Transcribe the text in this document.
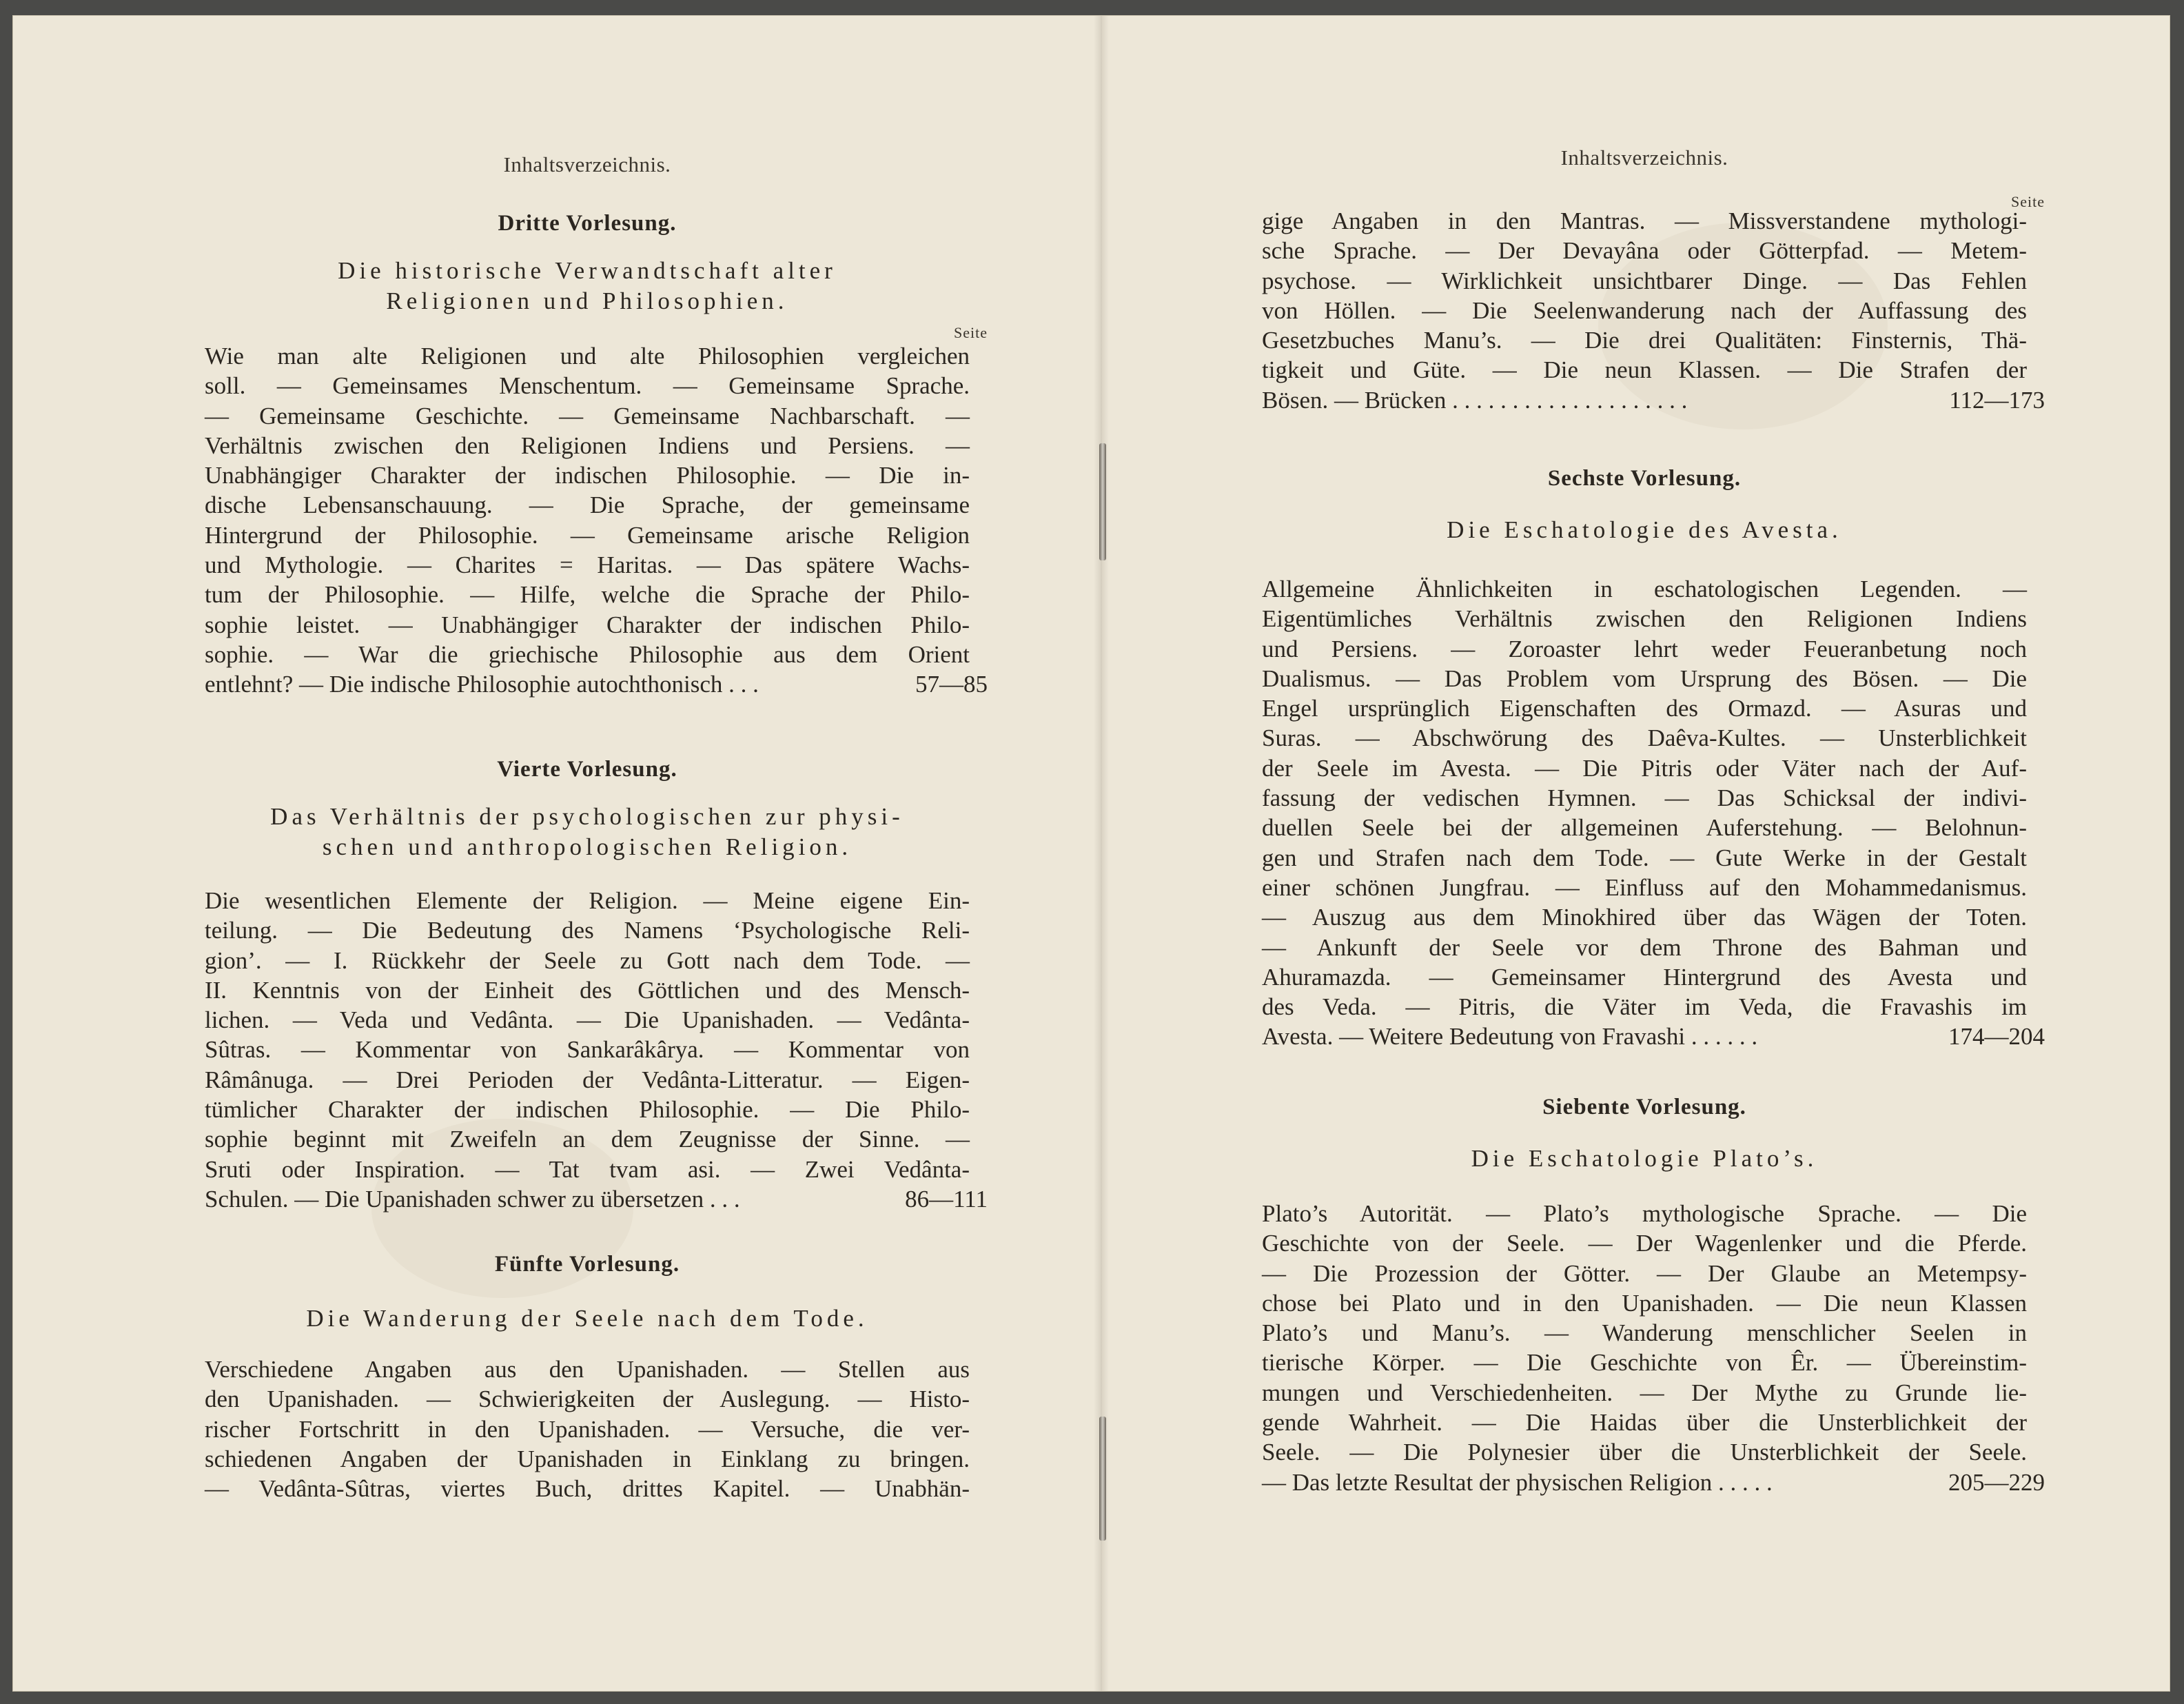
Inhaltsverzeichnis.
Dritte Vorlesung.
Die historische Verwandtschaft alter
Religionen und Philosophien.
Seite
Wie man alte Religionen und alte Philosophien vergleichen
soll. — Gemeinsames Menschentum. — Gemeinsame Sprache.
— Gemeinsame Geschichte. — Gemeinsame Nachbarschaft. —
Verhältnis zwischen den Religionen Indiens und Persiens. —
Unabhängiger Charakter der indischen Philosophie. — Die in-
dische Lebensanschauung. — Die Sprache, der gemeinsame
Hintergrund der Philosophie. — Gemeinsame arische Religion
und Mythologie. — Charites = Haritas. — Das spätere Wachs-
tum der Philosophie. — Hilfe, welche die Sprache der Philo-
sophie leistet. — Unabhängiger Charakter der indischen Philo-
sophie. — War die griechische Philosophie aus dem Orient
57—85
entlehnt? — Die indische Philosophie autochthonisch . . .
Vierte Vorlesung.
Das Verhältnis der psychologischen zur physi-
schen und anthropologischen Religion.
Die wesentlichen Elemente der Religion. — Meine eigene Ein-
teilung. — Die Bedeutung des Namens ‘Psychologische Reli-
gion’. — I. Rückkehr der Seele zu Gott nach dem Tode. —
II. Kenntnis von der Einheit des Göttlichen und des Mensch-
lichen. — Veda und Vedânta. — Die Upanishaden. — Vedânta-
Sûtras. — Kommentar von Sankarâkârya. — Kommentar von
Râmânuga. — Drei Perioden der Vedânta-Litteratur. — Eigen-
tümlicher Charakter der indischen Philosophie. — Die Philo-
sophie beginnt mit Zweifeln an dem Zeugnisse der Sinne. —
Sruti oder Inspiration. — Tat tvam asi. — Zwei Vedânta-
86—111
Schulen. — Die Upanishaden schwer zu übersetzen . . .
Fünfte Vorlesung.
Die Wanderung der Seele nach dem Tode.
Verschiedene Angaben aus den Upanishaden. — Stellen aus
den Upanishaden. — Schwierigkeiten der Auslegung. — Histo-
rischer Fortschritt in den Upanishaden. — Versuche, die ver-
schiedenen Angaben der Upanishaden in Einklang zu bringen.
— Vedânta-Sûtras, viertes Buch, drittes Kapitel. — Unabhän-
Inhaltsverzeichnis.
Seite
gige Angaben in den Mantras. — Missverstandene mythologi-
sche Sprache. — Der Devayâna oder Götterpfad. — Metem-
psychose. — Wirklichkeit unsichtbarer Dinge. — Das Fehlen
von Höllen. — Die Seelenwanderung nach der Auffassung des
Gesetzbuches Manu’s. — Die drei Qualitäten: Finsternis, Thä-
tigkeit und Güte. — Die neun Klassen. — Die Strafen der
112—173
Bösen. — Brücken . . . . . . . . . . . . . . . . . . . .
Sechste Vorlesung.
Die Eschatologie des Avesta.
Allgemeine Ähnlichkeiten in eschatologischen Legenden. —
Eigentümliches Verhältnis zwischen den Religionen Indiens
und Persiens. — Zoroaster lehrt weder Feueranbetung noch
Dualismus. — Das Problem vom Ursprung des Bösen. — Die
Engel ursprünglich Eigenschaften des Ormazd. — Asuras und
Suras. — Abschwörung des Daêva-Kultes. — Unsterblichkeit
der Seele im Avesta. — Die Pitris oder Väter nach der Auf-
fassung der vedischen Hymnen. — Das Schicksal der indivi-
duellen Seele bei der allgemeinen Auferstehung. — Belohnun-
gen und Strafen nach dem Tode. — Gute Werke in der Gestalt
einer schönen Jungfrau. — Einfluss auf den Mohammedanismus.
— Auszug aus dem Minokhired über das Wägen der Toten.
— Ankunft der Seele vor dem Throne des Bahman und
Ahuramazda. — Gemeinsamer Hintergrund des Avesta und
des Veda. — Pitris, die Väter im Veda, die Fravashis im
174—204
Avesta. — Weitere Bedeutung von Fravashi . . . . . .
Siebente Vorlesung.
Die Eschatologie Plato’s.
Plato’s Autorität. — Plato’s mythologische Sprache. — Die
Geschichte von der Seele. — Der Wagenlenker und die Pferde.
— Die Prozession der Götter. — Der Glaube an Metempsy-
chose bei Plato und in den Upanishaden. — Die neun Klassen
Plato’s und Manu’s. — Wanderung menschlicher Seelen in
tierische Körper. — Die Geschichte von Êr. — Übereinstim-
mungen und Verschiedenheiten. — Der Mythe zu Grunde lie-
gende Wahrheit. — Die Haidas über die Unsterblichkeit der
Seele. — Die Polynesier über die Unsterblichkeit der Seele.
205—229
— Das letzte Resultat der physischen Religion . . . . .
